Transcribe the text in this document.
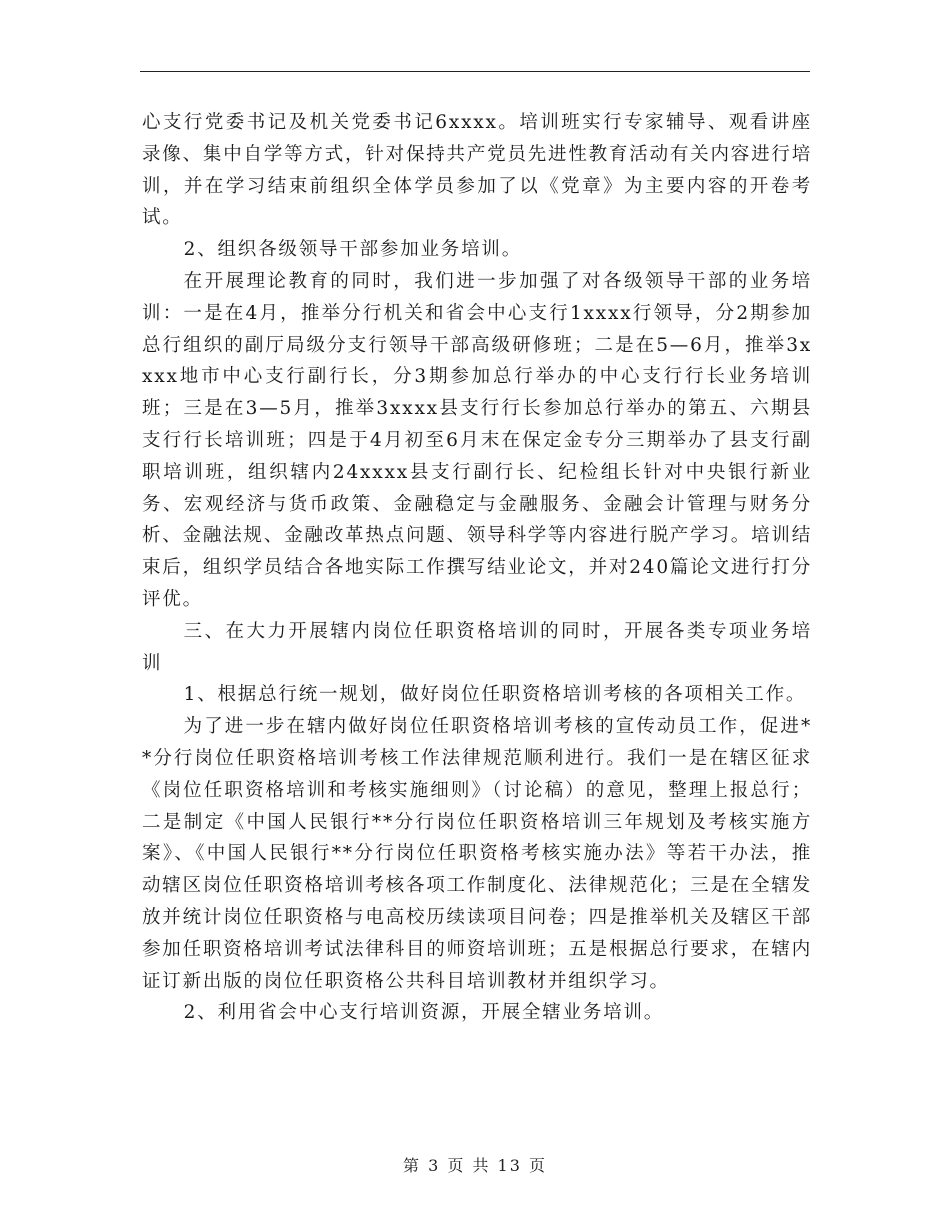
心支行党委书记及机关党委书记6xxxx。培训班实行专家辅导、观看讲座录像、集中自学等方式，针对保持共产党员先进性教育活动有关内容进行培训，并在学习结束前组织全体学员参加了以《党章》为主要内容的开卷考试。

2、组织各级领导干部参加业务培训。

在开展理论教育的同时，我们进一步加强了对各级领导干部的业务培训：一是在4月，推举分行机关和省会中心支行1xxxx行领导，分2期参加总行组织的副厅局级分支行领导干部高级研修班；二是在5—6月，推举3xxxx地市中心支行副行长，分3期参加总行举办的中心支行行长业务培训班；三是在3—5月，推举3xxxx县支行行长参加总行举办的第五、六期县支行行长培训班；四是于4月初至6月末在保定金专分三期举办了县支行副职培训班，组织辖内24xxxx县支行副行长、纪检组长针对中央银行新业务、宏观经济与货币政策、金融稳定与金融服务、金融会计管理与财务分析、金融法规、金融改革热点问题、领导科学等内容进行脱产学习。培训结束后，组织学员结合各地实际工作撰写结业论文，并对240篇论文进行打分评优。

三、在大力开展辖内岗位任职资格培训的同时，开展各类专项业务培训

1、根据总行统一规划，做好岗位任职资格培训考核的各项相关工作。

为了进一步在辖内做好岗位任职资格培训考核的宣传动员工作，促进**分行岗位任职资格培训考核工作法律规范顺利进行。我们一是在辖区征求《岗位任职资格培训和考核实施细则》（讨论稿）的意见，整理上报总行；二是制定《中国人民银行**分行岗位任职资格培训三年规划及考核实施方案》、《中国人民银行**分行岗位任职资格考核实施办法》等若干办法，推动辖区岗位任职资格培训考核各项工作制度化、法律规范化；三是在全辖发放并统计岗位任职资格与电高校历续读项目问卷；四是推举机关及辖区干部参加任职资格培训考试法律科目的师资培训班；五是根据总行要求，在辖内证订新出版的岗位任职资格公共科目培训教材并组织学习。

2、利用省会中心支行培训资源，开展全辖业务培训。

第 3 页 共 13 页
